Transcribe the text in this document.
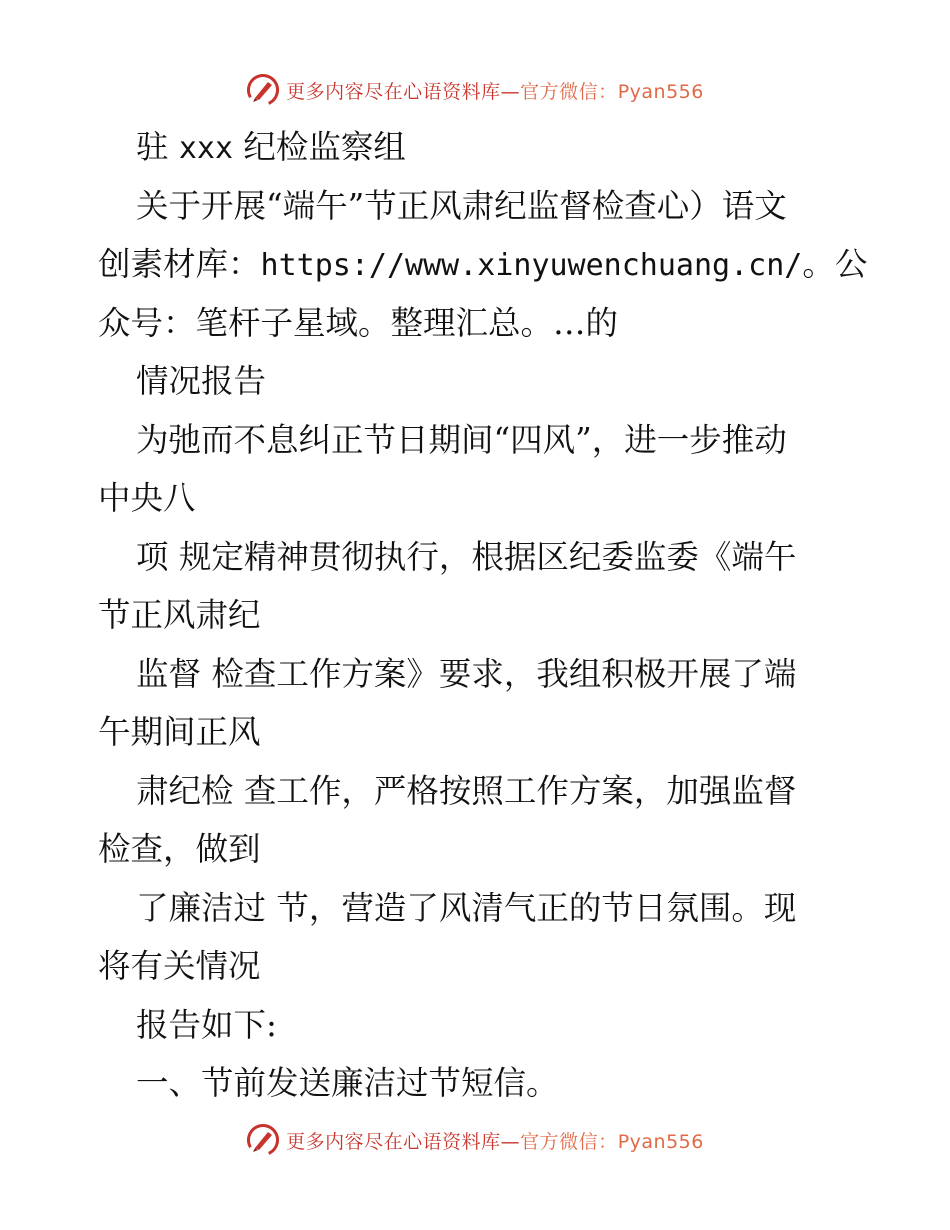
更多内容尽在心语资料库—官方微信：Pyan556
驻 xxx 纪检监察组
关于开展“端午”节正风肃纪监督检查心）语文
创素材库：https://www.xinyuwenchuang.cn/。公
众号：笔杆子星域。整理汇总。…的
情况报告
为弛而不息纠正节日期间“四风”，进一步推动
中央八
项 规定精神贯彻执行，根据区纪委监委《端午
节正风肃纪
监督 检查工作方案》要求，我组积极开展了端
午期间正风
肃纪检 查工作，严格按照工作方案，加强监督
检查，做到
了廉洁过 节，营造了风清气正的节日氛围。现
将有关情况
报告如下:
一、节前发送廉洁过节短信。
更多内容尽在心语资料库—官方微信：Pyan556
